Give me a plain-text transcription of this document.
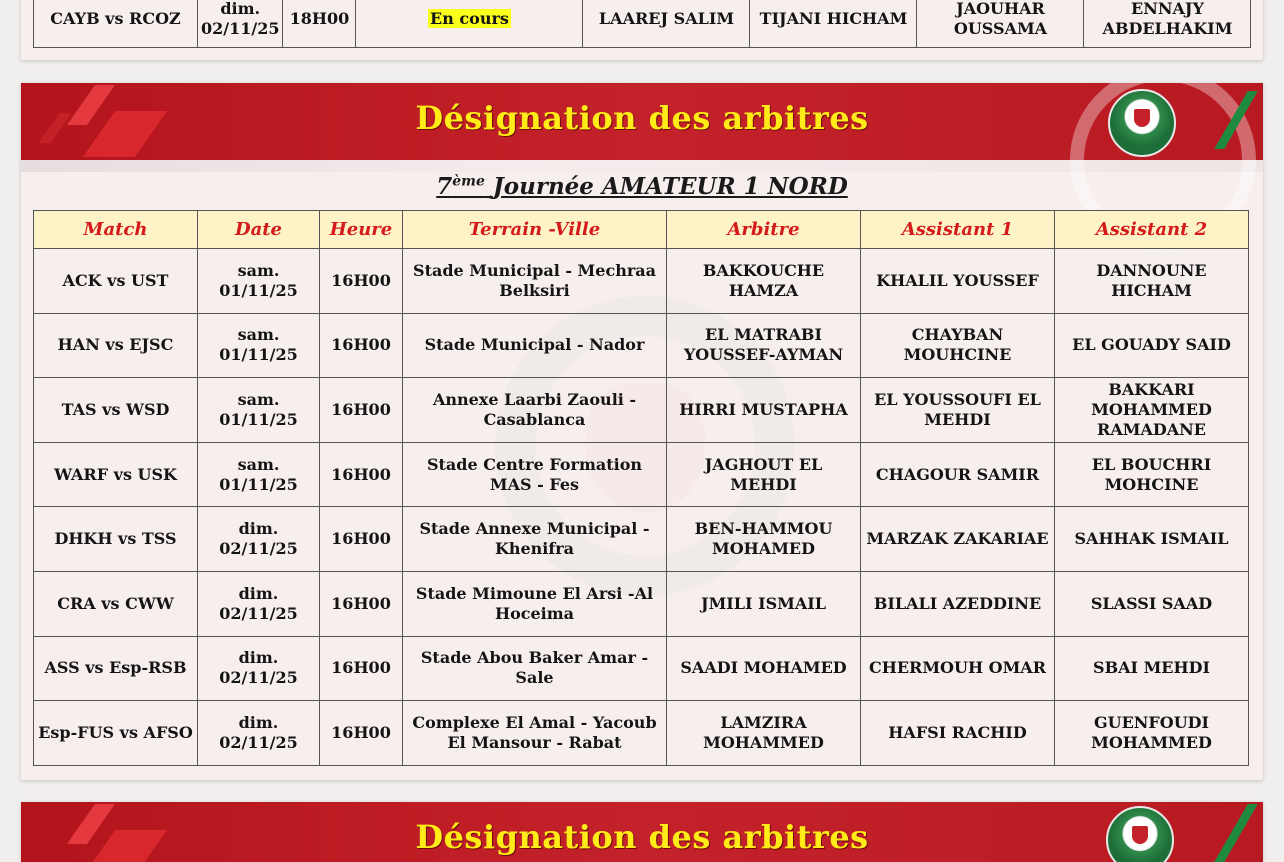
CAYB vs RCOZ	dim. 02/11/25	18H00	En cours	LAAREJ SALIM	TIJANI HICHAM	JAOUHAR OUSSAMA	ENNAJY ABDELHAKIM
Désignation des arbitres
7ème Journée AMATEUR 1 NORD
Match	Date	Heure	Terrain -Ville	Arbitre	Assistant 1	Assistant 2
ACK vs UST	sam. 01/11/25	16H00	Stade Municipal - Mechraa Belksiri	BAKKOUCHE HAMZA	KHALIL YOUSSEF	DANNOUNE HICHAM
HAN vs EJSC	sam. 01/11/25	16H00	Stade Municipal - Nador	EL MATRABI YOUSSEF-AYMAN	CHAYBAN MOUHCINE	EL GOUADY SAID
TAS vs WSD	sam. 01/11/25	16H00	Annexe Laarbi Zaouli - Casablanca	HIRRI MUSTAPHA	EL YOUSSOUFI EL MEHDI	BAKKARI MOHAMMED RAMADANE
WARF vs USK	sam. 01/11/25	16H00	Stade Centre Formation MAS - Fes	JAGHOUT EL MEHDI	CHAGOUR SAMIR	EL BOUCHRI MOHCINE
DHKH vs TSS	dim. 02/11/25	16H00	Stade Annexe Municipal - Khenifra	BEN-HAMMOU MOHAMED	MARZAK ZAKARIAE	SAHHAK ISMAIL
CRA vs CWW	dim. 02/11/25	16H00	Stade Mimoune El Arsi -Al Hoceima	JMILI ISMAIL	BILALI AZEDDINE	SLASSI SAAD
ASS vs Esp-RSB	dim. 02/11/25	16H00	Stade Abou Baker Amar - Sale	SAADI MOHAMED	CHERMOUH OMAR	SBAI MEHDI
Esp-FUS vs AFSO	dim. 02/11/25	16H00	Complexe El Amal - Yacoub El Mansour - Rabat	LAMZIRA MOHAMMED	HAFSI RACHID	GUENFOUDI MOHAMMED
Désignation des arbitres
